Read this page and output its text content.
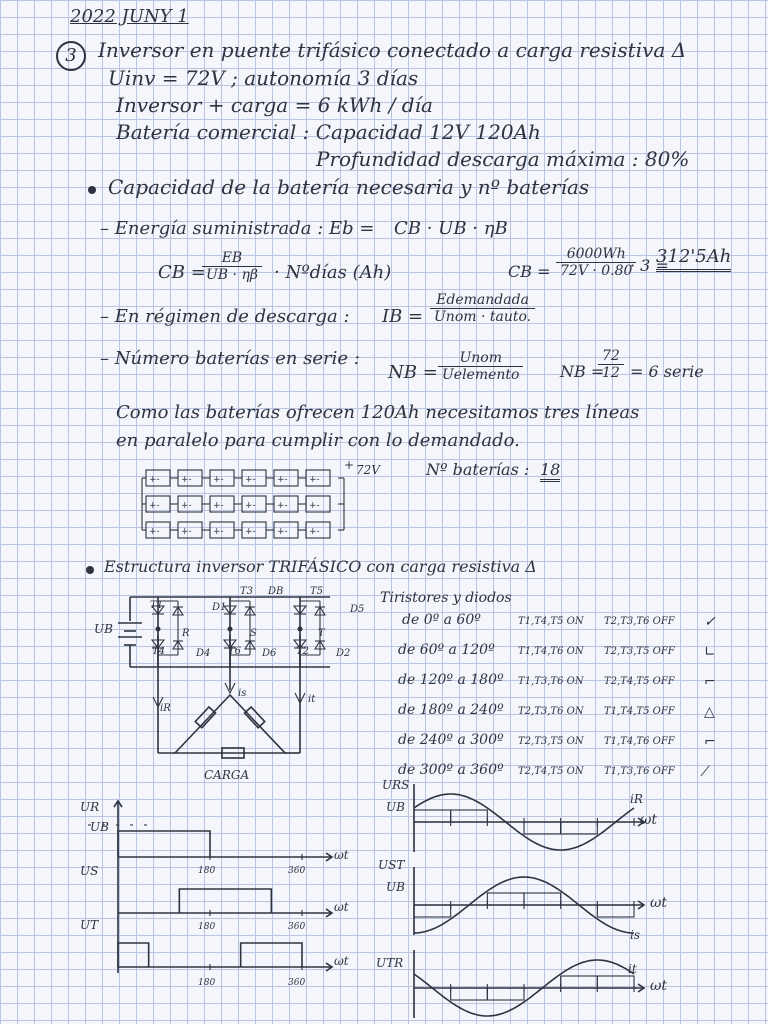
2022 JUNY 1
3	Inversor en puente trifásico conectado a carga resistiva Δ
Uinv = 72V ; autonomía 3 días
Inversor + carga = 6 kWh / día
Batería comercial : Capacidad 12V 120Ah
Profundidad descarga máxima : 80%
Capacidad de la batería necesaria y nº baterías
– Energía suministrada : Eb = CB · UB · ηB
CB =
$\frac{EB}{UB \cdot \eta\beta}$ · Nºdías (Ah)	CB = $\frac{6000Wh}{72V \cdot 0.80}$
· 3 =
312'5Ah
– En régimen de descarga : IB =
Edemandada
Unom · tauto.
– Número baterías en serie :
NB =
Unom
Uelemento	NB =
$\frac{72}{12} = 6$ serie
Como las baterías ofrecen 120Ah necesitamos tres líneas
en paralelo para cumplir con lo demandado.
+- +- +- +- +- +-
+- +- +- +- +- +-
+- +- +- +- +- +-
+ 72V	Nº baterías : 18
Estructura inversor TRIFÁSICO con carga resistiva Δ
UB
T1
T3	T5
T4	T6	T2
D1
DB
D5
D4	D6	D2
R	S	T
iR
is
it
CARGA
Tiristores y diodos
de 0º a 60º	T1,T4,T5 ON T2,T3,T6 OFF ✓
de 60º a 120º T1,T4,T6 ON T2,T3,T5 OFF ∟
de 120º a 180º T1,T3,T6 ON T2,T4,T5 OFF ⌐
de 180º a 240º T2,T3,T6 ON T1,T4,T5 OFF △
de 240º a 300º T2,T3,T5 ON T1,T4,T6 OFF ⌐
de 300º a 360º T2,T4,T5 ON T1,T3,T6 OFF ⁄
UR
UB
US
UT
ωt
ωt
ωt
180	360
180	360
180	360
URS
UB
UST
UB
UTR
ωt
ωt
ωt
iR
is
it
